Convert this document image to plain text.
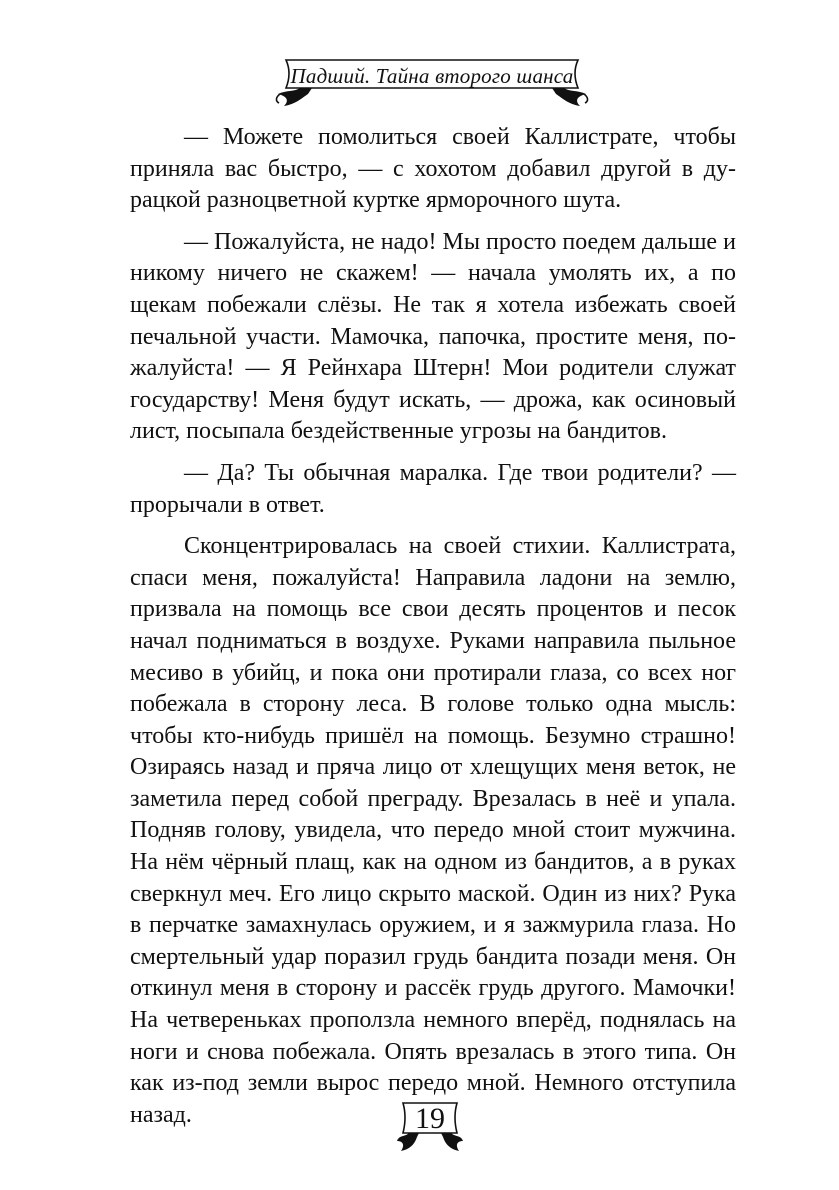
Падший. Тайна второго шанса

— Можете помолиться своей Каллистрате, чтобы приняла вас быстро, — с хохотом добавил другой в дурацкой разноцветной куртке ярморочного шута.

— Пожалуйста, не надо! Мы просто поедем дальше и никому ничего не скажем! — начала умолять их, а по щекам побежали слёзы. Не так я хотела избежать своей печальной участи. Мамочка, папочка, простите меня, пожалуйста! — Я Рейнхара Штерн! Мои родители служат государству! Меня будут искать, — дрожа, как осиновый лист, посыпала бездейственные угрозы на бандитов.

— Да? Ты обычная маралка. Где твои родители? — прорычали в ответ.

Сконцентрировалась на своей стихии. Каллистрата, спаси меня, пожалуйста! Направила ладони на землю, призвала на помощь все свои десять процентов и песок начал подниматься в воздухе. Руками направила пыльное месиво в убийц, и пока они протирали глаза, со всех ног побежала в сторону леса. В голове только одна мысль: чтобы кто-нибудь пришёл на помощь. Безумно страшно! Озираясь назад и пряча лицо от хлещущих меня веток, не заметила перед собой преграду. Врезалась в неё и упала. Подняв голову, увидела, что передо мной стоит мужчина. На нём чёрный плащ, как на одном из бандитов, а в руках сверкнул меч. Его лицо скрыто маской. Один из них? Рука в перчатке замахнулась оружием, и я зажмурила глаза. Но смертельный удар поразил грудь бандита позади меня. Он откинул меня в сторону и рассёк грудь другого. Мамочки! На четвереньках проползла немного вперёд, поднялась на ноги и снова побежала. Опять врезалась в этого типа. Он как из-под земли вырос передо мной. Немного отступила назад.	19
